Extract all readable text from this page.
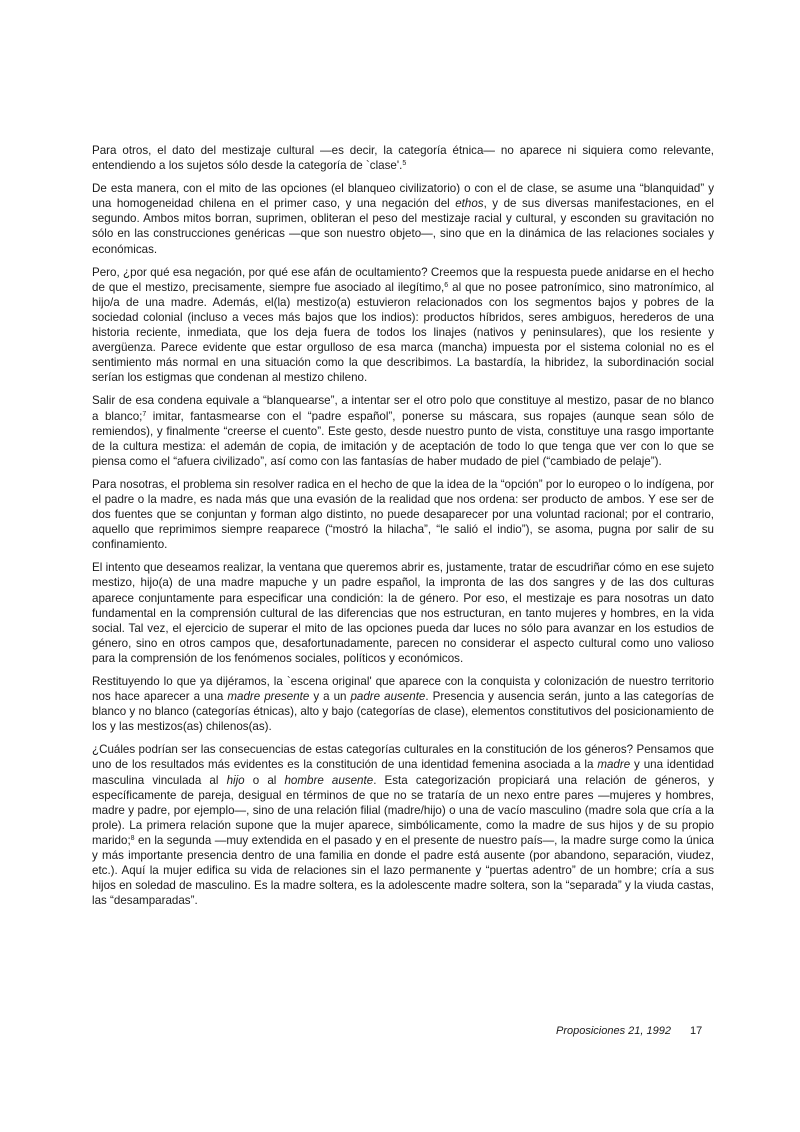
Para otros, el dato del mestizaje cultural —es decir, la categoría étnica— no aparece ni siquiera como relevante, entendiendo a los sujetos sólo desde la categoría de `clase'.$^5$

De esta manera, con el mito de las opciones (el blanqueo civilizatorio) o con el de clase, se asume una “blanquidad” y una homogeneidad chilena en el primer caso, y una negación del ethos, y de sus diversas manifestaciones, en el segundo. Ambos mitos borran, suprimen, obliteran el peso del mestizaje racial y cultural, y esconden su gravitación no sólo en las construcciones genéricas —que son nuestro objeto—, sino que en la dinámica de las relaciones sociales y económicas.

Pero, ¿por qué esa negación, por qué ese afán de ocultamiento? Creemos que la respuesta puede anidarse en el hecho de que el mestizo, precisamente, siempre fue asociado al ilegítimo,$^6$ al que no posee patronímico, sino matronímico, al hijo/a de una madre. Además, el(la) mestizo(a) estuvieron relacionados con los segmentos bajos y pobres de la sociedad colonial (incluso a veces más bajos que los indios): productos híbridos, seres ambiguos, herederos de una historia reciente, inmediata, que los deja fuera de todos los linajes (nativos y peninsulares), que los resiente y avergüenza. Parece evidente que estar orgulloso de esa marca (mancha) impuesta por el sistema colonial no es el sentimiento más normal en una situación como la que describimos. La bastardía, la hibridez, la subordinación social serían los estigmas que condenan al mestizo chileno.

Salir de esa condena equivale a “blanquearse”, a intentar ser el otro polo que constituye al mestizo, pasar de no blanco a blanco;$^7$ imitar, fantasmearse con el “padre español”, ponerse su máscara, sus ropajes (aunque sean sólo de remiendos), y finalmente “creerse el cuento”. Este gesto, desde nuestro punto de vista, constituye una rasgo importante de la cultura mestiza: el ademán de copia, de imitación y de aceptación de todo lo que tenga que ver con lo que se piensa como el “afuera civilizado”, así como con las fantasías de haber mudado de piel (“cambiado de pelaje”).

Para nosotras, el problema sin resolver radica en el hecho de que la idea de la “opción” por lo europeo o lo indígena, por el padre o la madre, es nada más que una evasión de la realidad que nos ordena: ser producto de ambos. Y ese ser de dos fuentes que se conjuntan y forman algo distinto, no puede desaparecer por una voluntad racional; por el contrario, aquello que reprimimos siempre reaparece (“mostró la hilacha”, “le salió el indio”), se asoma, pugna por salir de su confinamiento.

El intento que deseamos realizar, la ventana que queremos abrir es, justamente, tratar de escudriñar cómo en ese sujeto mestizo, hijo(a) de una madre mapuche y un padre español, la impronta de las dos sangres y de las dos culturas aparece conjuntamente para especificar una condición: la de género. Por eso, el mestizaje es para nosotras un dato fundamental en la comprensión cultural de las diferencias que nos estructuran, en tanto mujeres y hombres, en la vida social. Tal vez, el ejercicio de superar el mito de las opciones pueda dar luces no sólo para avanzar en los estudios de género, sino en otros campos que, desafortunadamente, parecen no considerar el aspecto cultural como uno valioso para la comprensión de los fenómenos sociales, políticos y económicos.

Restituyendo lo que ya dijéramos, la `escena original' que aparece con la conquista y colonización de nuestro territorio nos hace aparecer a una madre presente y a un padre ausente. Presencia y ausencia serán, junto a las categorías de blanco y no blanco (categorías étnicas), alto y bajo (categorías de clase), elementos constitutivos del posicionamiento de los y las mestizos(as) chilenos(as).

¿Cuáles podrían ser las consecuencias de estas categorías culturales en la constitución de los géneros? Pensamos que uno de los resultados más evidentes es la constitución de una identidad femenina asociada a la madre y una identidad masculina vinculada al hijo o al hombre ausente. Esta categorización propiciará una relación de géneros, y específicamente de pareja, desigual en términos de que no se trataría de un nexo entre pares —mujeres y hombres, madre y padre, por ejemplo—, sino de una relación filial (madre/hijo) o una de vacío masculino (madre sola que cría a la prole). La primera relación supone que la mujer aparece, simbólicamente, como la madre de sus hijos y de su propio marido;$^8$ en la segunda —muy extendida en el pasado y en el presente de nuestro país—, la madre surge como la única y más importante presencia dentro de una familia en donde el padre está ausente (por abandono, separación, viudez, etc.). Aquí la mujer edifica su vida de relaciones sin el lazo permanente y “puertas adentro” de un hombre; cría a sus hijos en soledad de masculino. Es la madre soltera, es la adolescente madre soltera, son la “separada” y la viuda castas, las “desamparadas”.

Proposiciones 21, 1992 17
